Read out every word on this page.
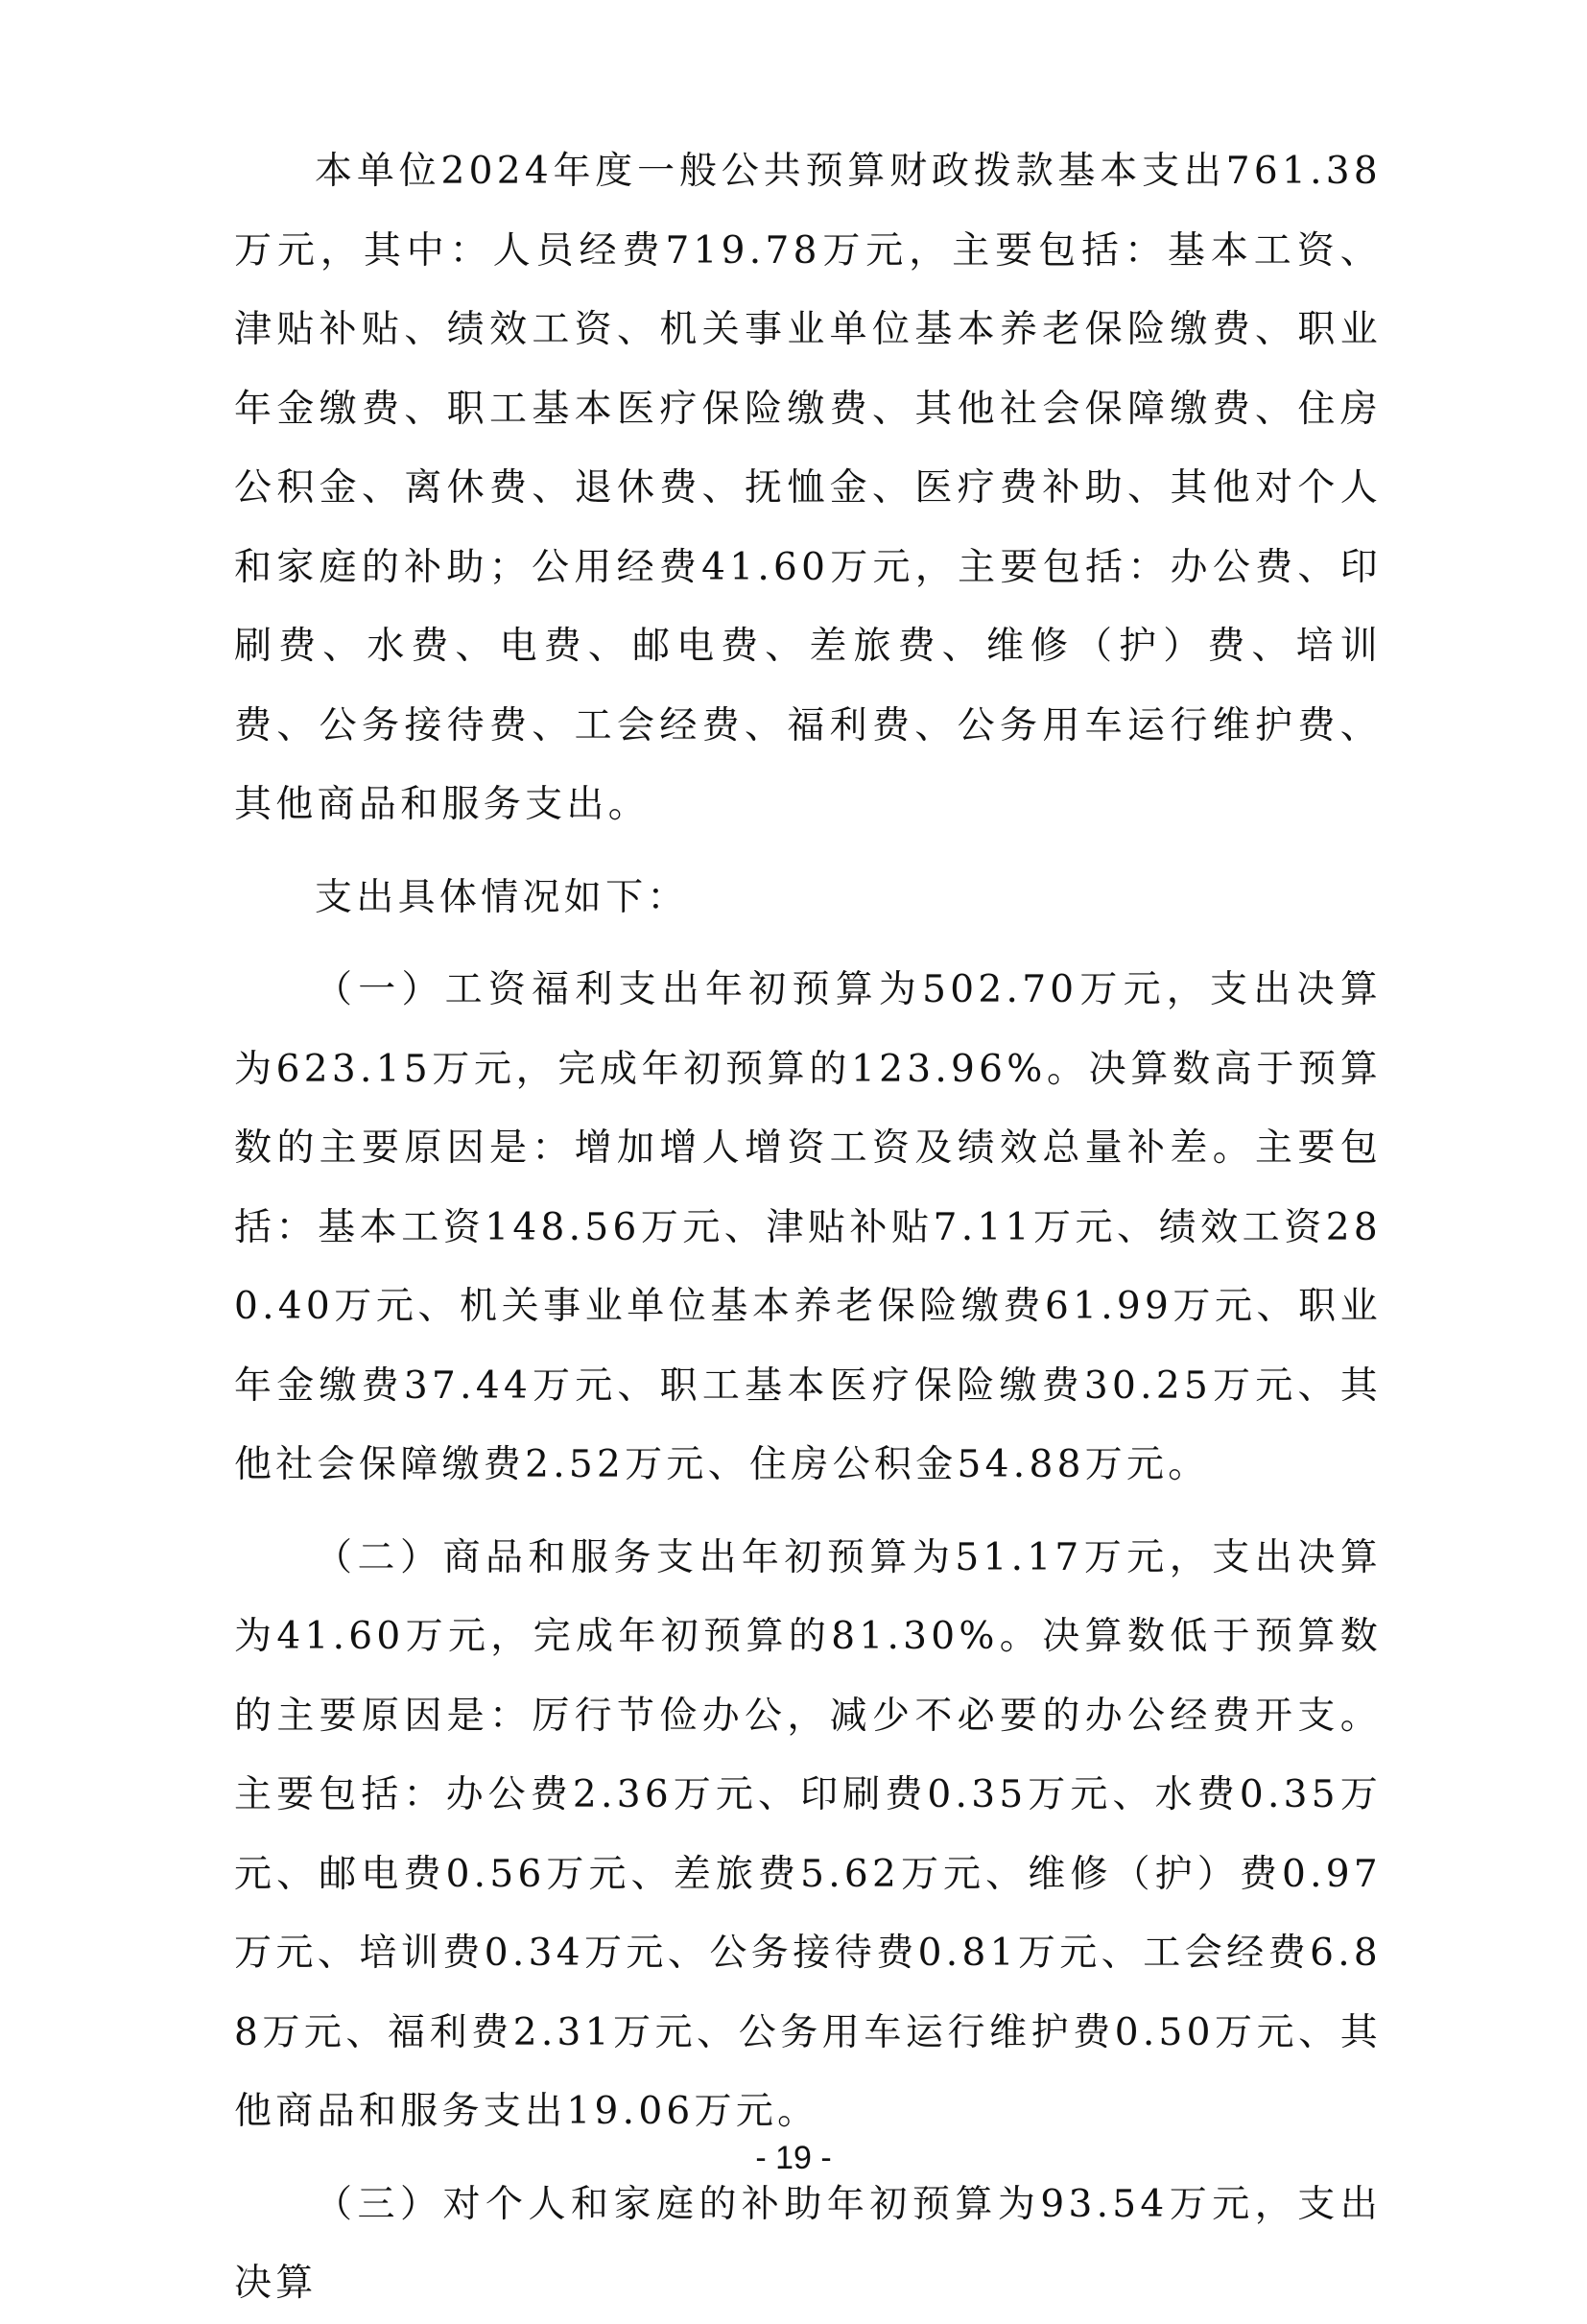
本单位2024年度一般公共预算财政拨款基本支出761.38万元，其中：人员经费719.78万元，主要包括：基本工资、津贴补贴、绩效工资、机关事业单位基本养老保险缴费、职业年金缴费、职工基本医疗保险缴费、其他社会保障缴费、住房公积金、离休费、退休费、抚恤金、医疗费补助、其他对个人和家庭的补助；公用经费41.60万元，主要包括：办公费、印刷费、水费、电费、邮电费、差旅费、维修（护）费、培训费、公务接待费、工会经费、福利费、公务用车运行维护费、其他商品和服务支出。

支出具体情况如下：

（一）工资福利支出年初预算为502.70万元，支出决算为623.15万元，完成年初预算的123.96%。决算数高于预算数的主要原因是：增加增人增资工资及绩效总量补差。主要包括：基本工资148.56万元、津贴补贴7.11万元、绩效工资280.40万元、机关事业单位基本养老保险缴费61.99万元、职业年金缴费37.44万元、职工基本医疗保险缴费30.25万元、其他社会保障缴费2.52万元、住房公积金54.88万元。

（二）商品和服务支出年初预算为51.17万元，支出决算为41.60万元，完成年初预算的81.30%。决算数低于预算数的主要原因是：厉行节俭办公，减少不必要的办公经费开支。主要包括：办公费2.36万元、印刷费0.35万元、水费0.35万元、邮电费0.56万元、差旅费5.62万元、维修（护）费0.97万元、培训费0.34万元、公务接待费0.81万元、工会经费6.88万元、福利费2.31万元、公务用车运行维护费0.50万元、其他商品和服务支出19.06万元。

（三）对个人和家庭的补助年初预算为93.54万元，支出决算

- 19 -
